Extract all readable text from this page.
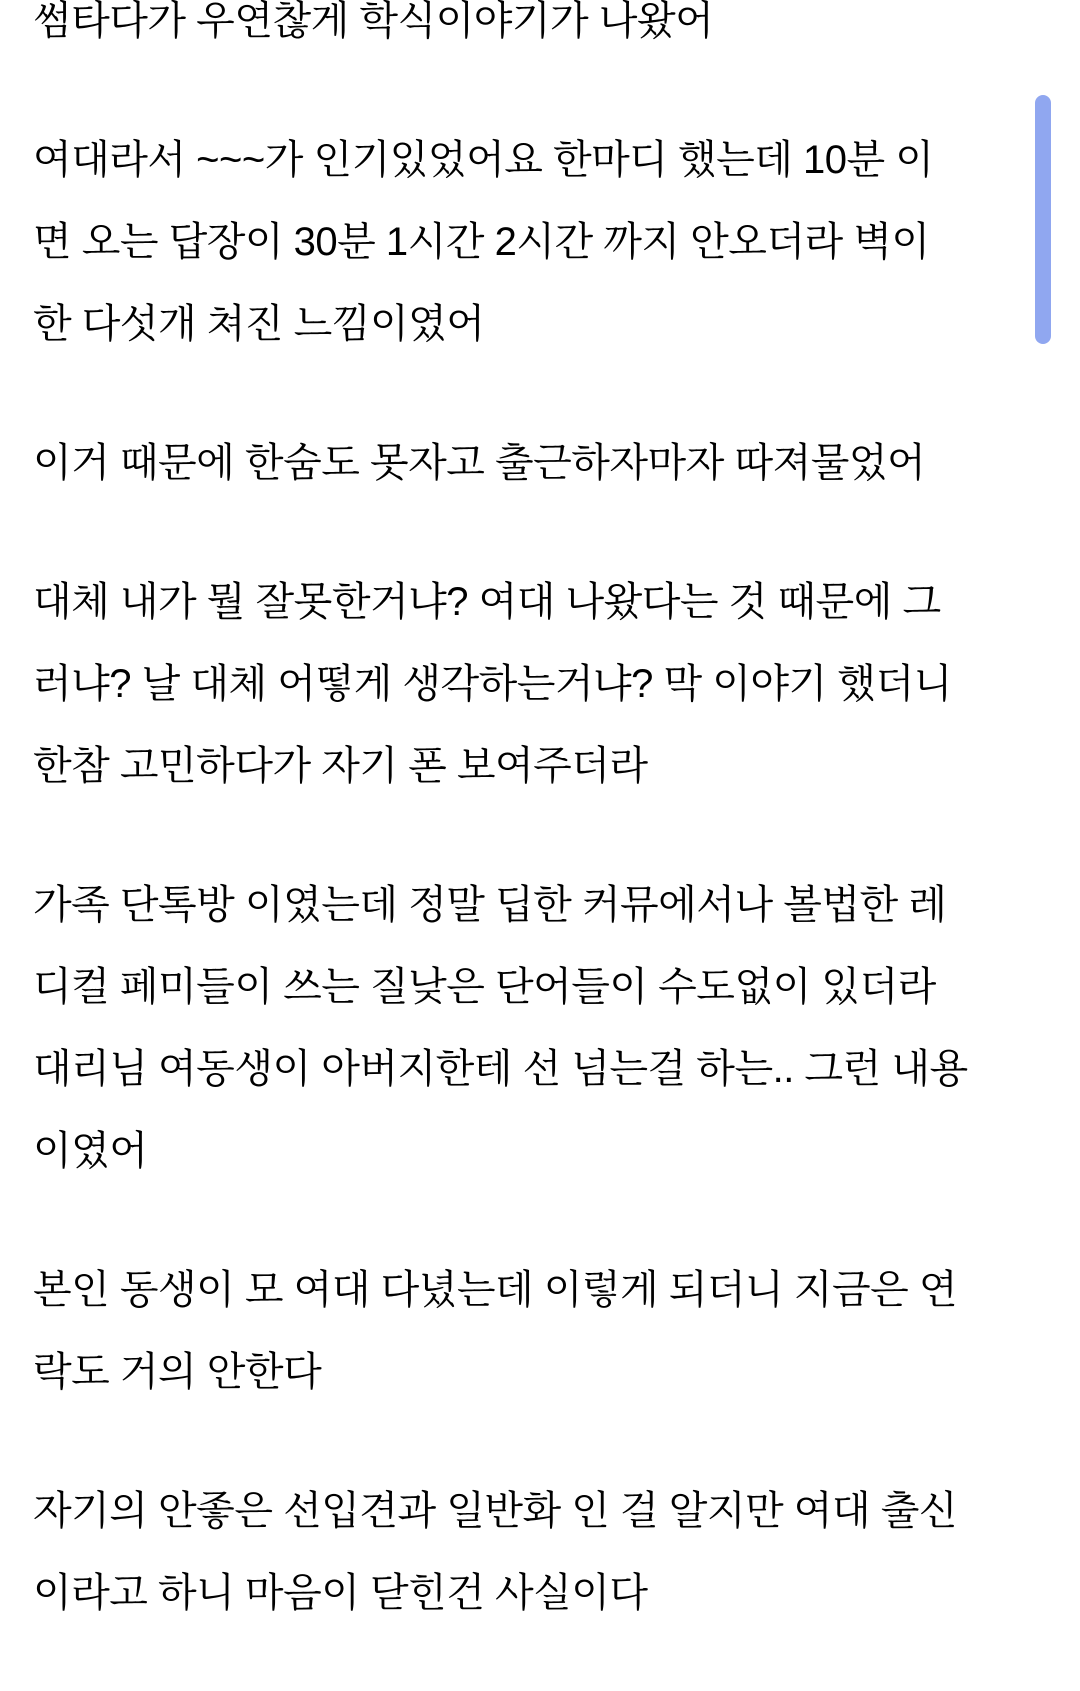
썸타다가 우연찮게 학식이야기가 나왔어
여대라서 ~~~가 인기있었어요 한마디 했는데 10분 이
면 오는 답장이 30분 1시간 2시간 까지 안오더라 벽이
한 다섯개 쳐진 느낌이였어
이거 때문에 한숨도 못자고 출근하자마자 따져물었어
대체 내가 뭘 잘못한거냐? 여대 나왔다는 것 때문에 그
러냐? 날 대체 어떻게 생각하는거냐? 막 이야기 했더니
한참 고민하다가 자기 폰 보여주더라
가족 단톡방 이였는데 정말 딥한 커뮤에서나 볼법한 레
디컬 페미들이 쓰는 질낮은 단어들이 수도없이 있더라
대리님 여동생이 아버지한테 선 넘는걸 하는.. 그런 내용
이였어
본인 동생이 모 여대 다녔는데 이렇게 되더니 지금은 연
락도 거의 안한다
자기의 안좋은 선입견과 일반화 인 걸 알지만 여대 출신
이라고 하니 마음이 닫힌건 사실이다
